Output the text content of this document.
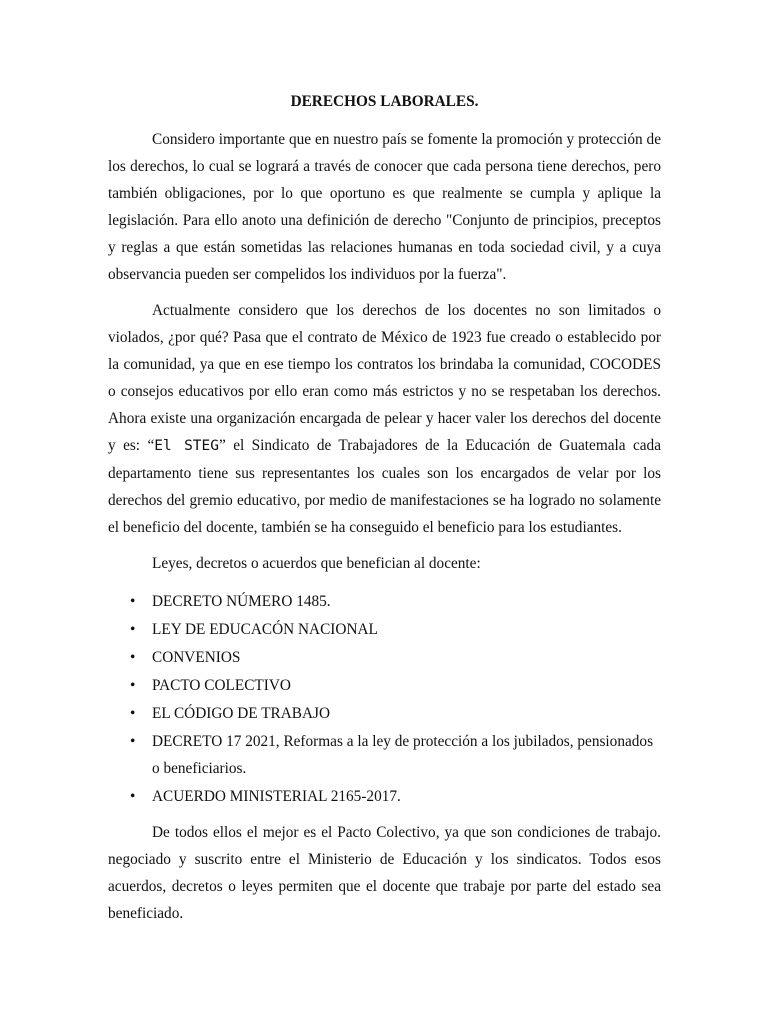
DERECHOS LABORALES.

Considero importante que en nuestro país se fomente la promoción y protección de los derechos, lo cual se logrará a través de conocer que cada persona tiene derechos, pero también obligaciones, por lo que oportuno es que realmente se cumpla y aplique la legislación. Para ello anoto una definición de derecho "Conjunto de principios, preceptos y reglas a que están sometidas las relaciones humanas en toda sociedad civil, y a cuya observancia pueden ser compelidos los individuos por la fuerza".

Actualmente considero que los derechos de los docentes no son limitados o violados, ¿por qué? Pasa que el contrato de México de 1923 fue creado o establecido por la comunidad, ya que en ese tiempo los contratos los brindaba la comunidad, COCODES o consejos educativos por ello eran como más estrictos y no se respetaban los derechos. Ahora existe una organización encargada de pelear y hacer valer los derechos del docente y es: “El STEG” el Sindicato de Trabajadores de la Educación de Guatemala cada departamento tiene sus representantes los cuales son los encargados de velar por los derechos del gremio educativo, por medio de manifestaciones se ha logrado no solamente el beneficio del docente, también se ha conseguido el beneficio para los estudiantes.

Leyes, decretos o acuerdos que benefician al docente:

• DECRETO NÚMERO 1485.
• LEY DE EDUCACÓN NACIONAL
• CONVENIOS
• PACTO COLECTIVO
• EL CÓDIGO DE TRABAJO
• DECRETO 17 2021, Reformas a la ley de protección a los jubilados, pensionados o beneficiarios.
• ACUERDO MINISTERIAL 2165-2017.

De todos ellos el mejor es el Pacto Colectivo, ya que son condiciones de trabajo. negociado y suscrito entre el Ministerio de Educación y los sindicatos. Todos esos acuerdos, decretos o leyes permiten que el docente que trabaje por parte del estado sea beneficiado.
